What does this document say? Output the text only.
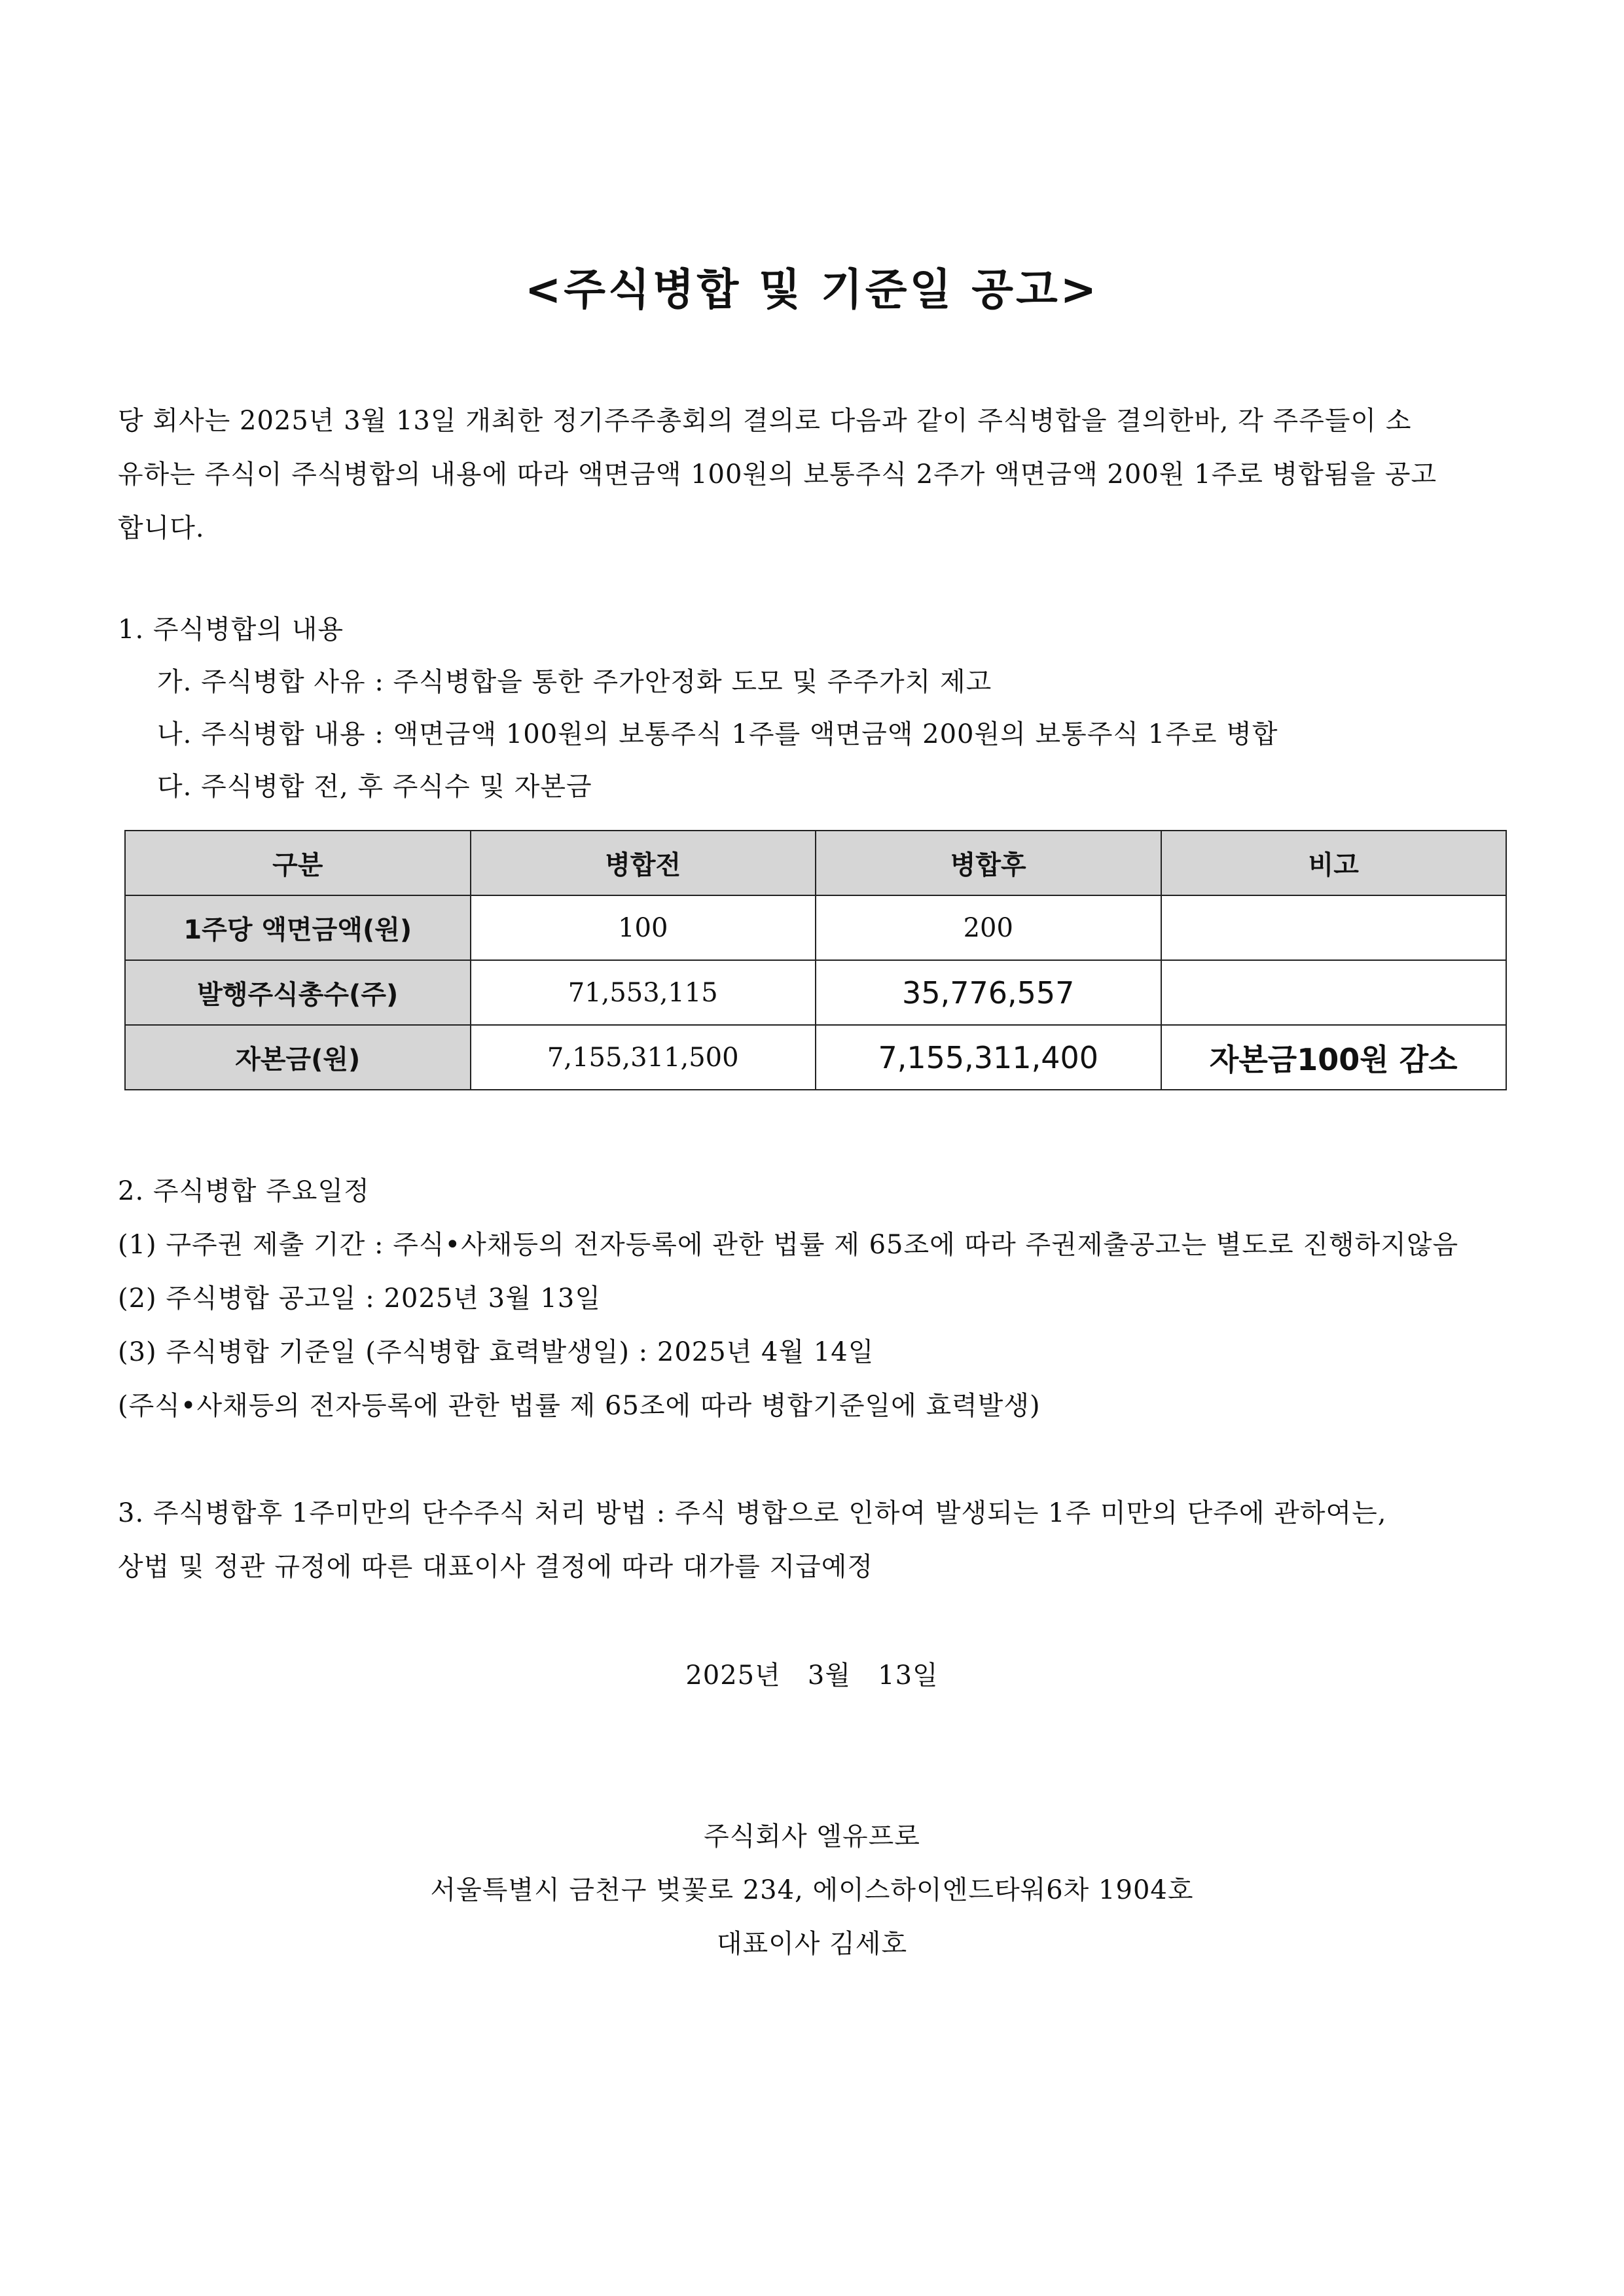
<주식병합 및 기준일 공고>
당 회사는 2025년 3월 13일 개최한 정기주주총회의 결의로 다음과 같이 주식병합을 결의한바, 각 주주들이 소
유하는 주식이 주식병합의 내용에 따라 액면금액 100원의 보통주식 2주가 액면금액 200원 1주로 병합됨을 공고
합니다.
1. 주식병합의 내용
가. 주식병합 사유 : 주식병합을 통한 주가안정화 도모 및 주주가치 제고
나. 주식병합 내용 : 액면금액 100원의 보통주식 1주를 액면금액 200원의 보통주식 1주로 병합
다. 주식병합 전, 후 주식수 및 자본금
구분	병합전	병합후	비고
1주당 액면금액(원)	100	200	
발행주식총수(주)	71,553,115	35,776,557	
자본금(원)	7,155,311,500	7,155,311,400	자본금100원 감소
2. 주식병합 주요일정
(1) 구주권 제출 기간 : 주식•사채등의 전자등록에 관한 법률 제 65조에 따라 주권제출공고는 별도로 진행하지않음
(2) 주식병합 공고일 : 2025년 3월 13일
(3) 주식병합 기준일 (주식병합 효력발생일) : 2025년 4월 14일
(주식•사채등의 전자등록에 관한 법률 제 65조에 따라 병합기준일에 효력발생)
3. 주식병합후 1주미만의 단수주식 처리 방법 : 주식 병합으로 인하여 발생되는 1주 미만의 단주에 관하여는,
상법 및 정관 규정에 따른 대표이사 결정에 따라 대가를 지급예정
2025년   3월   13일
주식회사 엘유프로
서울특별시 금천구 벚꽃로 234, 에이스하이엔드타워6차 1904호
대표이사 김세호
